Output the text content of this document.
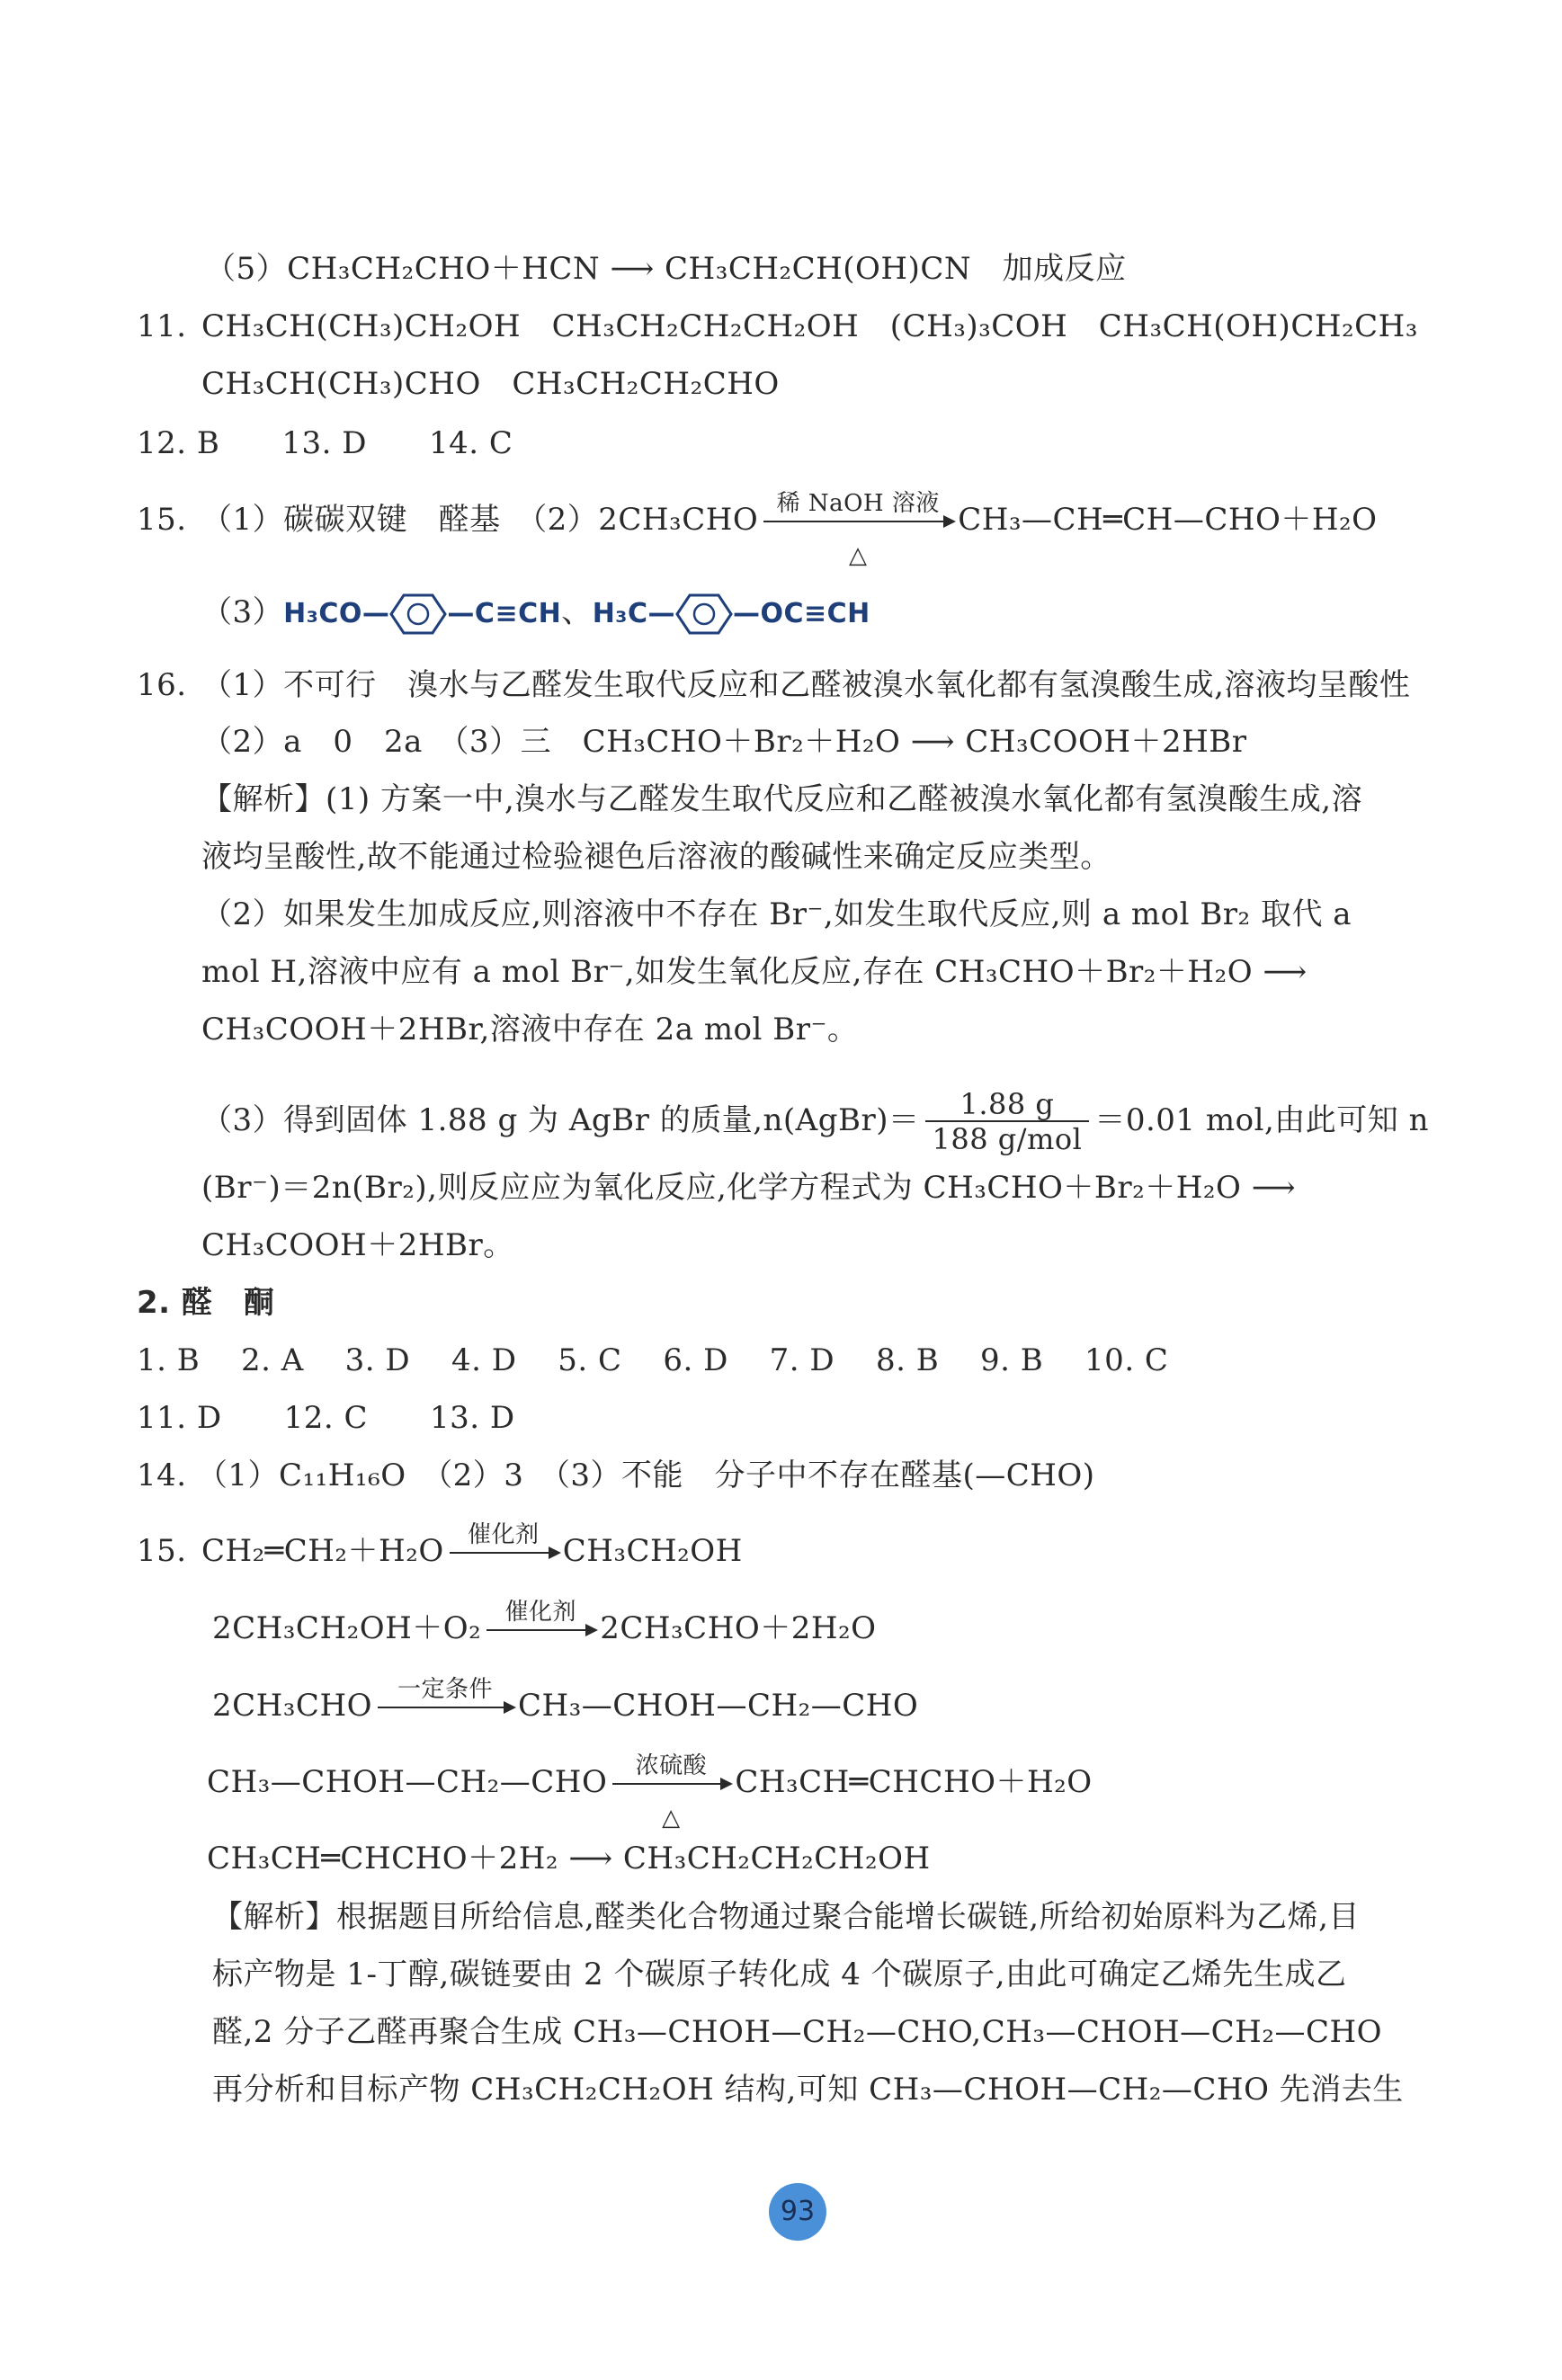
（5）CH₃CH₂CHO＋HCN ⟶ CH₃CH₂CH(OH)CN　加成反应
11. CH₃CH(CH₃)CH₂OH　CH₃CH₂CH₂CH₂OH　(CH₃)₃COH　CH₃CH(OH)CH₂CH₃
CH₃CH(CH₃)CHO　CH₃CH₂CH₂CHO
12. B　　13. D　　14. C
15. （1）碳碳双键　醛基　（2）2CH₃CHO 稀 NaOH 溶液
△
CH₃—CH═CH—CHO＋H₂O
（3）H₃CO— —C≡CH、H₃C— —OC≡CH
16. （1）不可行　溴水与乙醛发生取代反应和乙醛被溴水氧化都有氢溴酸生成,溶液均呈酸性
（2）a　0　2a　（3）三　CH₃CHO＋Br₂＋H₂O ⟶ CH₃COOH＋2HBr
【解析】(1) 方案一中,溴水与乙醛发生取代反应和乙醛被溴水氧化都有氢溴酸生成,溶
液均呈酸性,故不能通过检验褪色后溶液的酸碱性来确定反应类型。
（2）如果发生加成反应,则溶液中不存在 Br⁻,如发生取代反应,则 a mol Br₂ 取代 a
mol H,溶液中应有 a mol Br⁻,如发生氧化反应,存在 CH₃CHO＋Br₂＋H₂O ⟶
CH₃COOH＋2HBr,溶液中存在 2a mol Br⁻。
（3）得到固体 1.88 g 为 AgBr 的质量,n(AgBr)＝ $\frac{1.88 g}{\text{188 g/mol}} =0.01$ mol,由此可知 n
(Br⁻)＝2n(Br₂),则反应应为氧化反应,化学方程式为 CH₃CHO＋Br₂＋H₂O ⟶
CH₃COOH＋2HBr。
2. 醛　酮
1. B　 2. A　 3. D　 4. D　 5. C　 6. D　 7. D　 8. B　 9. B　 10. C
11. D　　12. C　　13. D
14. （1）C₁₁H₁₆O　（2）3　（3）不能　分子中不存在醛基(—CHO)
15. CH₂═CH₂＋H₂O	催化剂 CH₃CH₂OH
2CH₃CH₂OH＋O₂	催化剂 2CH₃CHO＋2H₂O
2CH₃CHO	一定条件 CH₃—CHOH—CH₂—CHO
CH₃—CHOH—CH₂—CHO	浓硫酸
△
CH₃CH═CHCHO＋H₂O
CH₃CH═CHCHO＋2H₂ ⟶ CH₃CH₂CH₂CH₂OH
【解析】根据题目所给信息,醛类化合物通过聚合能增长碳链,所给初始原料为乙烯,目
标产物是 1-丁醇,碳链要由 2 个碳原子转化成 4 个碳原子,由此可确定乙烯先生成乙
醛,2 分子乙醛再聚合生成 CH₃—CHOH—CH₂—CHO,CH₃—CHOH—CH₂—CHO
再分析和目标产物 CH₃CH₂CH₂OH 结构,可知 CH₃—CHOH—CH₂—CHO 先消去生
93
